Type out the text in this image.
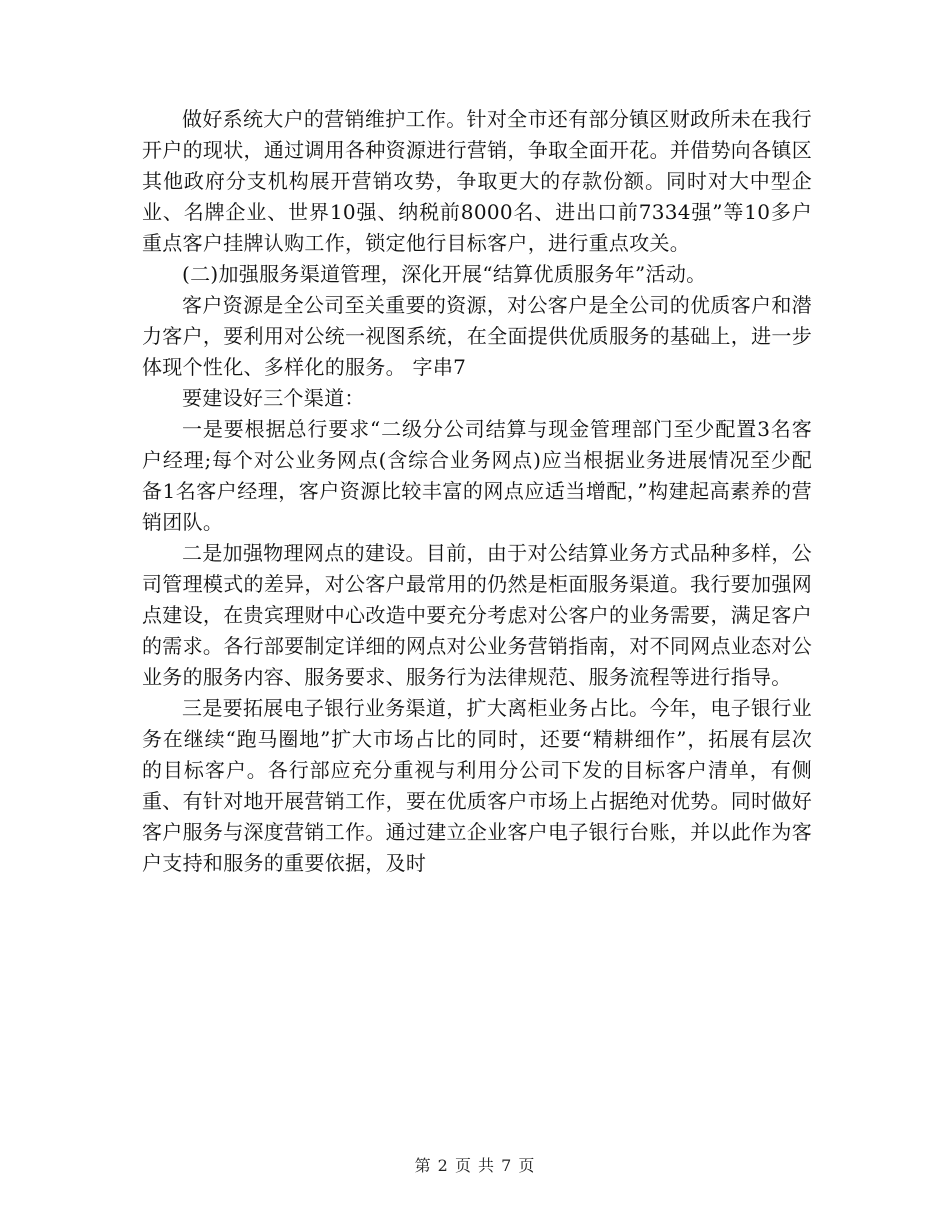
做好系统大户的营销维护工作。针对全市还有部分镇区财政所未在我行开户的现状，通过调用各种资源进行营销，争取全面开花。并借势向各镇区其他政府分支机构展开营销攻势，争取更大的存款份额。同时对大中型企业、名牌企业、世界10强、纳税前8000名、进出口前7334强”等10多户重点客户挂牌认购工作，锁定他行目标客户，进行重点攻关。

(二)加强服务渠道管理，深化开展“结算优质服务年”活动。

客户资源是全公司至关重要的资源，对公客户是全公司的优质客户和潜力客户，要利用对公统一视图系统，在全面提供优质服务的基础上，进一步体现个性化、多样化的服务。 字串7

要建设好三个渠道：

一是要根据总行要求“二级分公司结算与现金管理部门至少配置3名客户经理;每个对公业务网点(含综合业务网点)应当根据业务进展情况至少配备1名客户经理，客户资源比较丰富的网点应适当增配，”构建起高素养的营销团队。

二是加强物理网点的建设。目前，由于对公结算业务方式品种多样，公司管理模式的差异，对公客户最常用的仍然是柜面服务渠道。我行要加强网点建设，在贵宾理财中心改造中要充分考虑对公客户的业务需要，满足客户的需求。各行部要制定详细的网点对公业务营销指南，对不同网点业态对公业务的服务内容、服务要求、服务行为法律规范、服务流程等进行指导。

三是要拓展电子银行业务渠道，扩大离柜业务占比。今年，电子银行业务在继续“跑马圈地”扩大市场占比的同时，还要“精耕细作”，拓展有层次的目标客户。各行部应充分重视与利用分公司下发的目标客户清单，有侧重、有针对地开展营销工作，要在优质客户市场上占据绝对优势。同时做好客户服务与深度营销工作。通过建立企业客户电子银行台账，并以此作为客户支持和服务的重要依据，及时

第 2 页 共 7 页
